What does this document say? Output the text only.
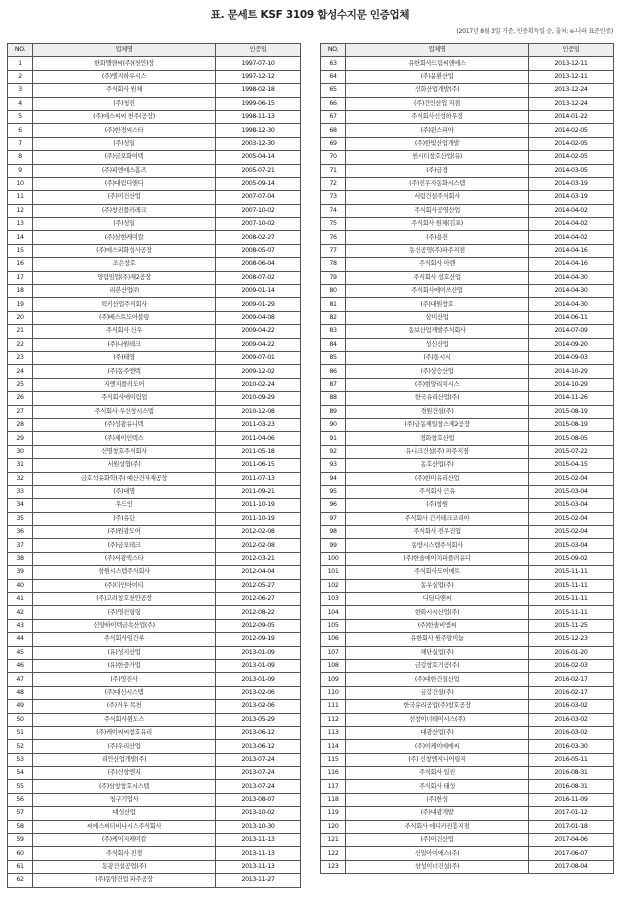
표. 문세트 KSF 3109 합성수지문 인증업체
(2017년 8월 3일 기준, 인증획득일 순, 출처: e-나라 표준인증)
NO.	업체명	인증일
1	한화엘앤씨(주)(천안)장	1997-07-10
2	(주)엘지하우시스	1997-12-12
3	주식회사 원체	1998-02-18
4	(주)청진	1999-06-15
5	(주)에스씨씨 천주(공장)	1998-11-13
6	(주)한경씨스타	1998-12-30
7	(주)성일	2003-12-30
8	(주)금오화이텍	2005-04-14
9	(주)피엔에스홈즈	2005-07-21
10	(주)대림디앤디	2005-09-14
11	(주)미건산업	2007-07-04
12	(주)창진플러레크	2007-10-02
13	(주)성일	2007-10-02
14	(주)삼현케미칼	2008-02-27
15	(주)에스피화성사공장	2008-05-07
16	조은창호	2008-06-04
17	영림임업(주)제2공장	2008-07-02
18	리본산업㈜	2009-01-14
19	럭키산업주식회사	2009-01-29
20	(주)베스트도어블링	2009-04-08
21	주식회사 신우	2009-04-22
22	(주)나원테크	2009-04-22
23	(주)태영	2009-07-01
24	(주)동주엔텍	2009-12-02
25	지엔지플러도어	2010-02-24
26	주식회사에이림업	2010-09-29
27	주식회사 우신창시스템	2010-12-08
28	(주)성광유니텍	2011-03-23
29	(주)제이인텍스	2011-04-06
30	신명창호주식회사	2011-05-18
31	서원상협(주)	2011-06-15
32	금호석유화학(주) 예산건자재공장	2011-07-13
33	(주)대명	2011-09-21
34	우드인	2011-10-19
35	(주)유딘	2011-10-19
36	(주)원광도어	2012-02-08
37	(주)금오테크	2012-02-08
38	(주)서광퀵스타	2012-03-21
39	삼원시스템주식회사	2012-04-04
40	(주)다인아이티	2012-05-27
41	(주)고려창호천안공장	2012-06-27
42	(주)영진링링	2012-08-22
43	신양하이텍금속산업(주)	2012-09-05
44	주식회사임간루	2012-09-19
45	(유)성지산업	2013-01-09
46	(유)한중가업	2013-01-09
47	(주)영진사	2013-01-09
48	(주)대신시스템	2013-02-06
49	(주)거우 목천	2013-02-06
50	주식회사윈도스	2013-05-29
51	(주)케이씨씨창호유리	2013-06-12
52	(주)우리산업	2013-06-12
53	리안산업개발(주)	2013-07-24
54	(주)신창엔지	2013-07-24
55	(주)삼창창호시스템	2013-07-24
56	청구기업사	2013-08-07
57	대성산업	2013-10-02
58	씨에스씨티비나시스주식회사	2013-10-30
59	(주)케이지케미칼	2013-11-13
60	주식회사 진경	2013-11-13
61	동광건설공업(주)	2013-11-13
62	(주)동양건업 파주공장	2013-11-27
NO.	업체명	인증일
63	유한회사드림씨앤에스	2013-12-11
64	(주)윤환산업	2013-12-11
65	신화산업개발(주)	2013-12-24
66	(주)건인산업 지점	2013-12-24
67	주식회사신성하우징	2014-01-22
68	(주)윈스피아	2014-02-05
69	(주)한빛산업개발	2014-02-05
70	썬시티창호산업(유)	2014-02-05
71	(주)금경	2014-03-05
72	(주)진우자동화시스템	2014-03-19
73	서림건설주식회사	2014-03-19
74	주식회사공영산업	2014-04-02
75	주식회사 원체(김포)	2014-04-02
76	(주)용진	2014-04-02
77	동신공영(주)파주지점	2014-04-16
78	주식회사 아렌	2014-04-16
79	주식회사 성호산업	2014-04-30
80	주식회사에이쓰산업	2014-04-30
81	(주)대원창호	2014-04-30
82	삼미산업	2014-06-11
83	동보산업개발주식회사	2014-07-09
84	성신산업	2014-09-20
85	(주)통시시	2014-09-03
86	(주)상승산업	2014-10-29
87	(주)현양리치시스	2014-10-29
88	한국유리산업(주)	2014-11-26
89	경원건설(주)	2015-08-19
90	(주)금동제일창스제2공장	2015-08-19
91	경화창호산업	2015-08-05
92	유니크건설(주) 파주지점	2015-07-22
93	동호산업(주)	2015-04-15
94	(주)한미유리산업	2015-02-04
95	주식회사 근유	2015-03-04
96	(주)창원	2015-03-04
97	주식회사 긴키테크코리아	2015-02-04
98	주식회사 진우건업	2015-02-04
99	동방시스템주식회사	2015-03-04
100	(주)한솔에이치피플러유디	2015-09-02
101	주식회사도어메트	2015-11-11
102	동우실업(주)	2015-11-11
103	디딤디앤씨	2015-11-11
104	한화시시산업(주)	2015-11-11
105	(주)한솔비엠씨	2015-11-25
106	유한회사 원주알미늄	2015-12-23
107	해단실업(주)	2016-01-20
108	금강창호기공(주)	2016-02-03
109	(주)대한건설산업	2016-02-17
110	금강건설(주)	2016-02-17
111	한국유리공업(주)창호공장	2016-03-02
112	선창이너테이시스(주)	2016-03-02
113	대광산업(주)	2016-03-02
114	(주)이케이에에씨	2016-03-30
115	(주) 신창엔지니어링지	2016-05-11
116	주식회사 일진	2016-08-31
117	주식회사 태성	2016-08-31
118	(주)한성	2016-11-09
119	(주)대광개발	2017-01-12
120	주식회사 에디카진흥지점	2017-01-18
121	(주)이건산업	2017-04-06
122	신일아이에스(주)	2017-06-07
123	삼성이너건설(주)	2017-08-04
